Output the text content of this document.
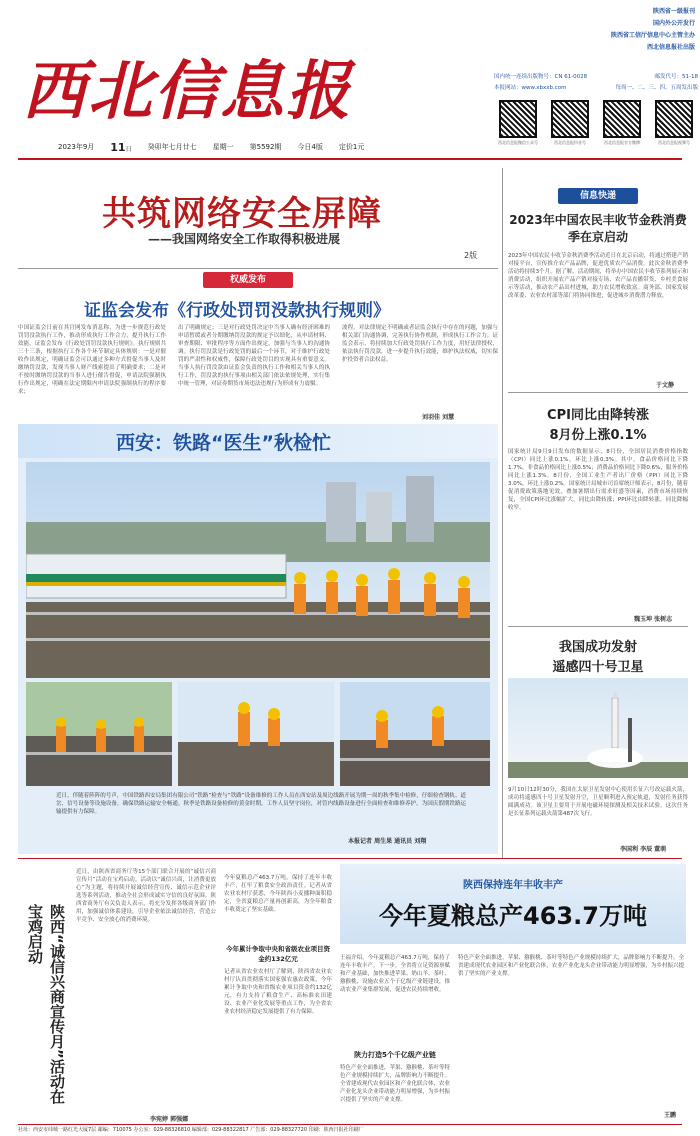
西北信息报
陕西省一级报刊
国内外公开发行
陕西省工信厅信息中心主管主办
西北信息报社出版
国内统一连续出版物号：CN 61-0028	邮发代号：51-18
本报网站：www.xbxxb.com	每周一、二、三、四、五周发出版
西北信息报微信公众号	西北信息报抖音号	西北信息报官方微博	西北信息报视频号
2023年9月 11日 癸卯年七月廿七 星期一 第5592期 今日4版 定价1元
共筑网络安全屏障
——我国网络安全工作取得积极进展
2版
权威发布
证监会发布《行政处罚罚没款执行规则》
中国证监会日前在其官网发布消息称，为进一步规范行政处罚罚没款执行工作，推动形成执行工作合力，提升执行工作效能，证监会发布《行政处罚罚没款执行规则》。执行规则共三十三条，根据执行工作各个环节制定具体规则：一是对催收作出规定，明确证监会可以通过多种方式督促当事人及时缴纳罚没款，发现当事人财产线索提出了明确要求；二是对不按时缴纳罚没款的当事人进行催告督促，申请法院强制执行作出规定，明确在法定期限内申请法院强制执行的程序要求；
出了明确规定；三是对行政处罚决定中当事人确有经济困难的申请暂缓或者分期缴纳罚没款的规定予以细化，从申请材料、审查期限、审批程序等方面作出规定，加强与当事人的沟通协调。执行罚没款是行政处罚的最后一个环节，对于维护行政处罚的严肃性和权威性，保障行政处罚目的实现具有重要意义。当事人执行罚没款由证监会负责的执行工作和相关当事人的执行工作，罚没款的执行事项由相关部门依法依规处理，实行集中统一管理，对证券期货市场违法违规行为形成有力震慑。
波程。对法律规定不明确或者证监会执行中存在的问题，加强与相关部门沟通协调，完善执行协作机制，形成执行工作合力。证监会表示，将持续加大行政处罚执行工作力度，用好法律授权，依法执行罚没款，进一步提升执行效能，维护执法权威，切实保护投资者合法权益。
刘羽佳 刘慧
西安：铁路“医生”秋检忙
近日，伴随着阵阵的号声，中国铁路西安局集团有限公司“铁路”检查与“铁路”设备维修的工作人员在西安站及周边线路开展为期一周的秋季集中检修，仔细检查钢轨、道岔、信号设备等设施设备，确保铁路运输安全畅通。秋季是铁路设备检修的黄金时期，工作人员坚守岗位，对管内线路设备进行全面检查和维修养护，为国庆假期铁路运输提供有力保障。
本报记者 周生果 通讯员 刘翔
信息快递
2023年中国农民丰收节金秩消费季在京启动
2023年中国农民丰收节金秋消费季活动近日在北京启动，将通过搭建产销对接平台，宣传推介农产品品牌，促进优质农产品消费。此次金秋消费季活动将持续3个月。据了解，活动期间，将举办中国农民丰收节系列展示和消费活动，组织开展农产品产销对接专场、农产品直播带货、乡村美食展示等活动，推动农产品出村进城，助力农民增收致富。商务部、国家发展改革委、农业农村部等部门将协同推进，促进城乡消费潜力释放。
于文静
CPI同比由降转涨
8月份上涨0.1%
国家统计局9月9日发布的数据显示，8月份，全国居民消费价格指数（CPI）同比上涨0.1%，环比上涨0.3%。其中，食品价格同比下降1.7%，非食品价格同比上涨0.5%；消费品价格同比下降0.6%，服务价格同比上涨1.3%。8月份，全国工业生产者出厂价格（PPI）同比下降3.0%，环比上涨0.2%。国家统计局城市司首席统计师表示，8月份，随着促消费政策落地见效，叠加暑期出行需求旺盛等因素，消费市场持续恢复，全国CPI环比涨幅扩大，同比由降转涨；PPI环比由降转涨，同比降幅收窄。
魏玉坤 张树志
我国成功发射
遥感四十号卫星
9月10日12时30分，我国在太原卫星发射中心使用长征六号改运载火箭，成功将遥感四十号卫星发射升空，卫星顺利进入预定轨道，发射任务获得圆满成功。该卫星主要用于开展电磁环境探测及相关技术试验。这次任务是长征系列运载火箭第487次飞行。
李国利 李辰 董萌
陕西“诚信兴商宣传月”活动在宝鸡启动
近日，由陕西省商务厅等15个部门联合开展的“诚信兴商宣传月”活动在宝鸡启动。活动以“诚信兴商，让消费更放心”为主题，将持续开展诚信经营宣传、诚信示范企业评选等系列活动，推动全社会形成诚实守信的良好氛围。陕西省商务厅有关负责人表示，将充分发挥各级商务部门作用，加强诚信体系建设，引导企业依法诚信经营，营造公平竞争、安全放心的消费环境。
李宛婷 郭强娜
今年夏粮总产463.7万吨，保持了连年丰收丰产，扛牢了粮食安全政治责任。记者从省农业农村厅获悉，今年陕西小麦播种面积稳定，全省夏粮总产量再创新高，为全年粮食丰收奠定了坚实基础。
陕西保持连年丰收丰产
今年夏粮总产463.7万吨
今年累计争取中央和省级农业项目资金约132亿元
记者从省农业农村厅了解到，陕西省农业农村厅认真贯彻落实国家强农惠农政策，今年累计争取中央和省级农业项目资金约132亿元，有力支持了粮食生产、高标准农田建设、农业产业化发展等重点工作，为全省农业农村经济稳定发展提供了有力保障。
王福介绍，今年夏粮总产463.7万吨，保持了连年丰收丰产。下一步，全省将立足资源禀赋和产业基础，加快推进苹果、奶山羊、茶叶、猕猴桃、设施农业五个千亿级产业链建设，推动农业产业集群发展，促进农民持续增收。
陕力打造5个千亿级产业链
特色产业全面推进，苹果、猕猴桃、茶叶等特色产业规模持续扩大，品牌影响力不断提升。全省建成现代农业园区和产业化联合体，农业产业化龙头企业带动能力明显增强，为乡村振兴提供了坚实的产业支撑。
特色产业全面推进，苹果、猕猴桃、茶叶等特色产业规模持续扩大，品牌影响力不断提升。全省建成现代农业园区和产业化联合体，农业产业化龙头企业带动能力明显增强，为乡村振兴提供了坚实的产业支撑。
王鹏
社址：西安市纬城一路红光大厦7层 邮编：710075 办公室：029-88326810 编辑部：029-88322817 广告部：029-88327720 印刷：陕西日报社印刷厂
